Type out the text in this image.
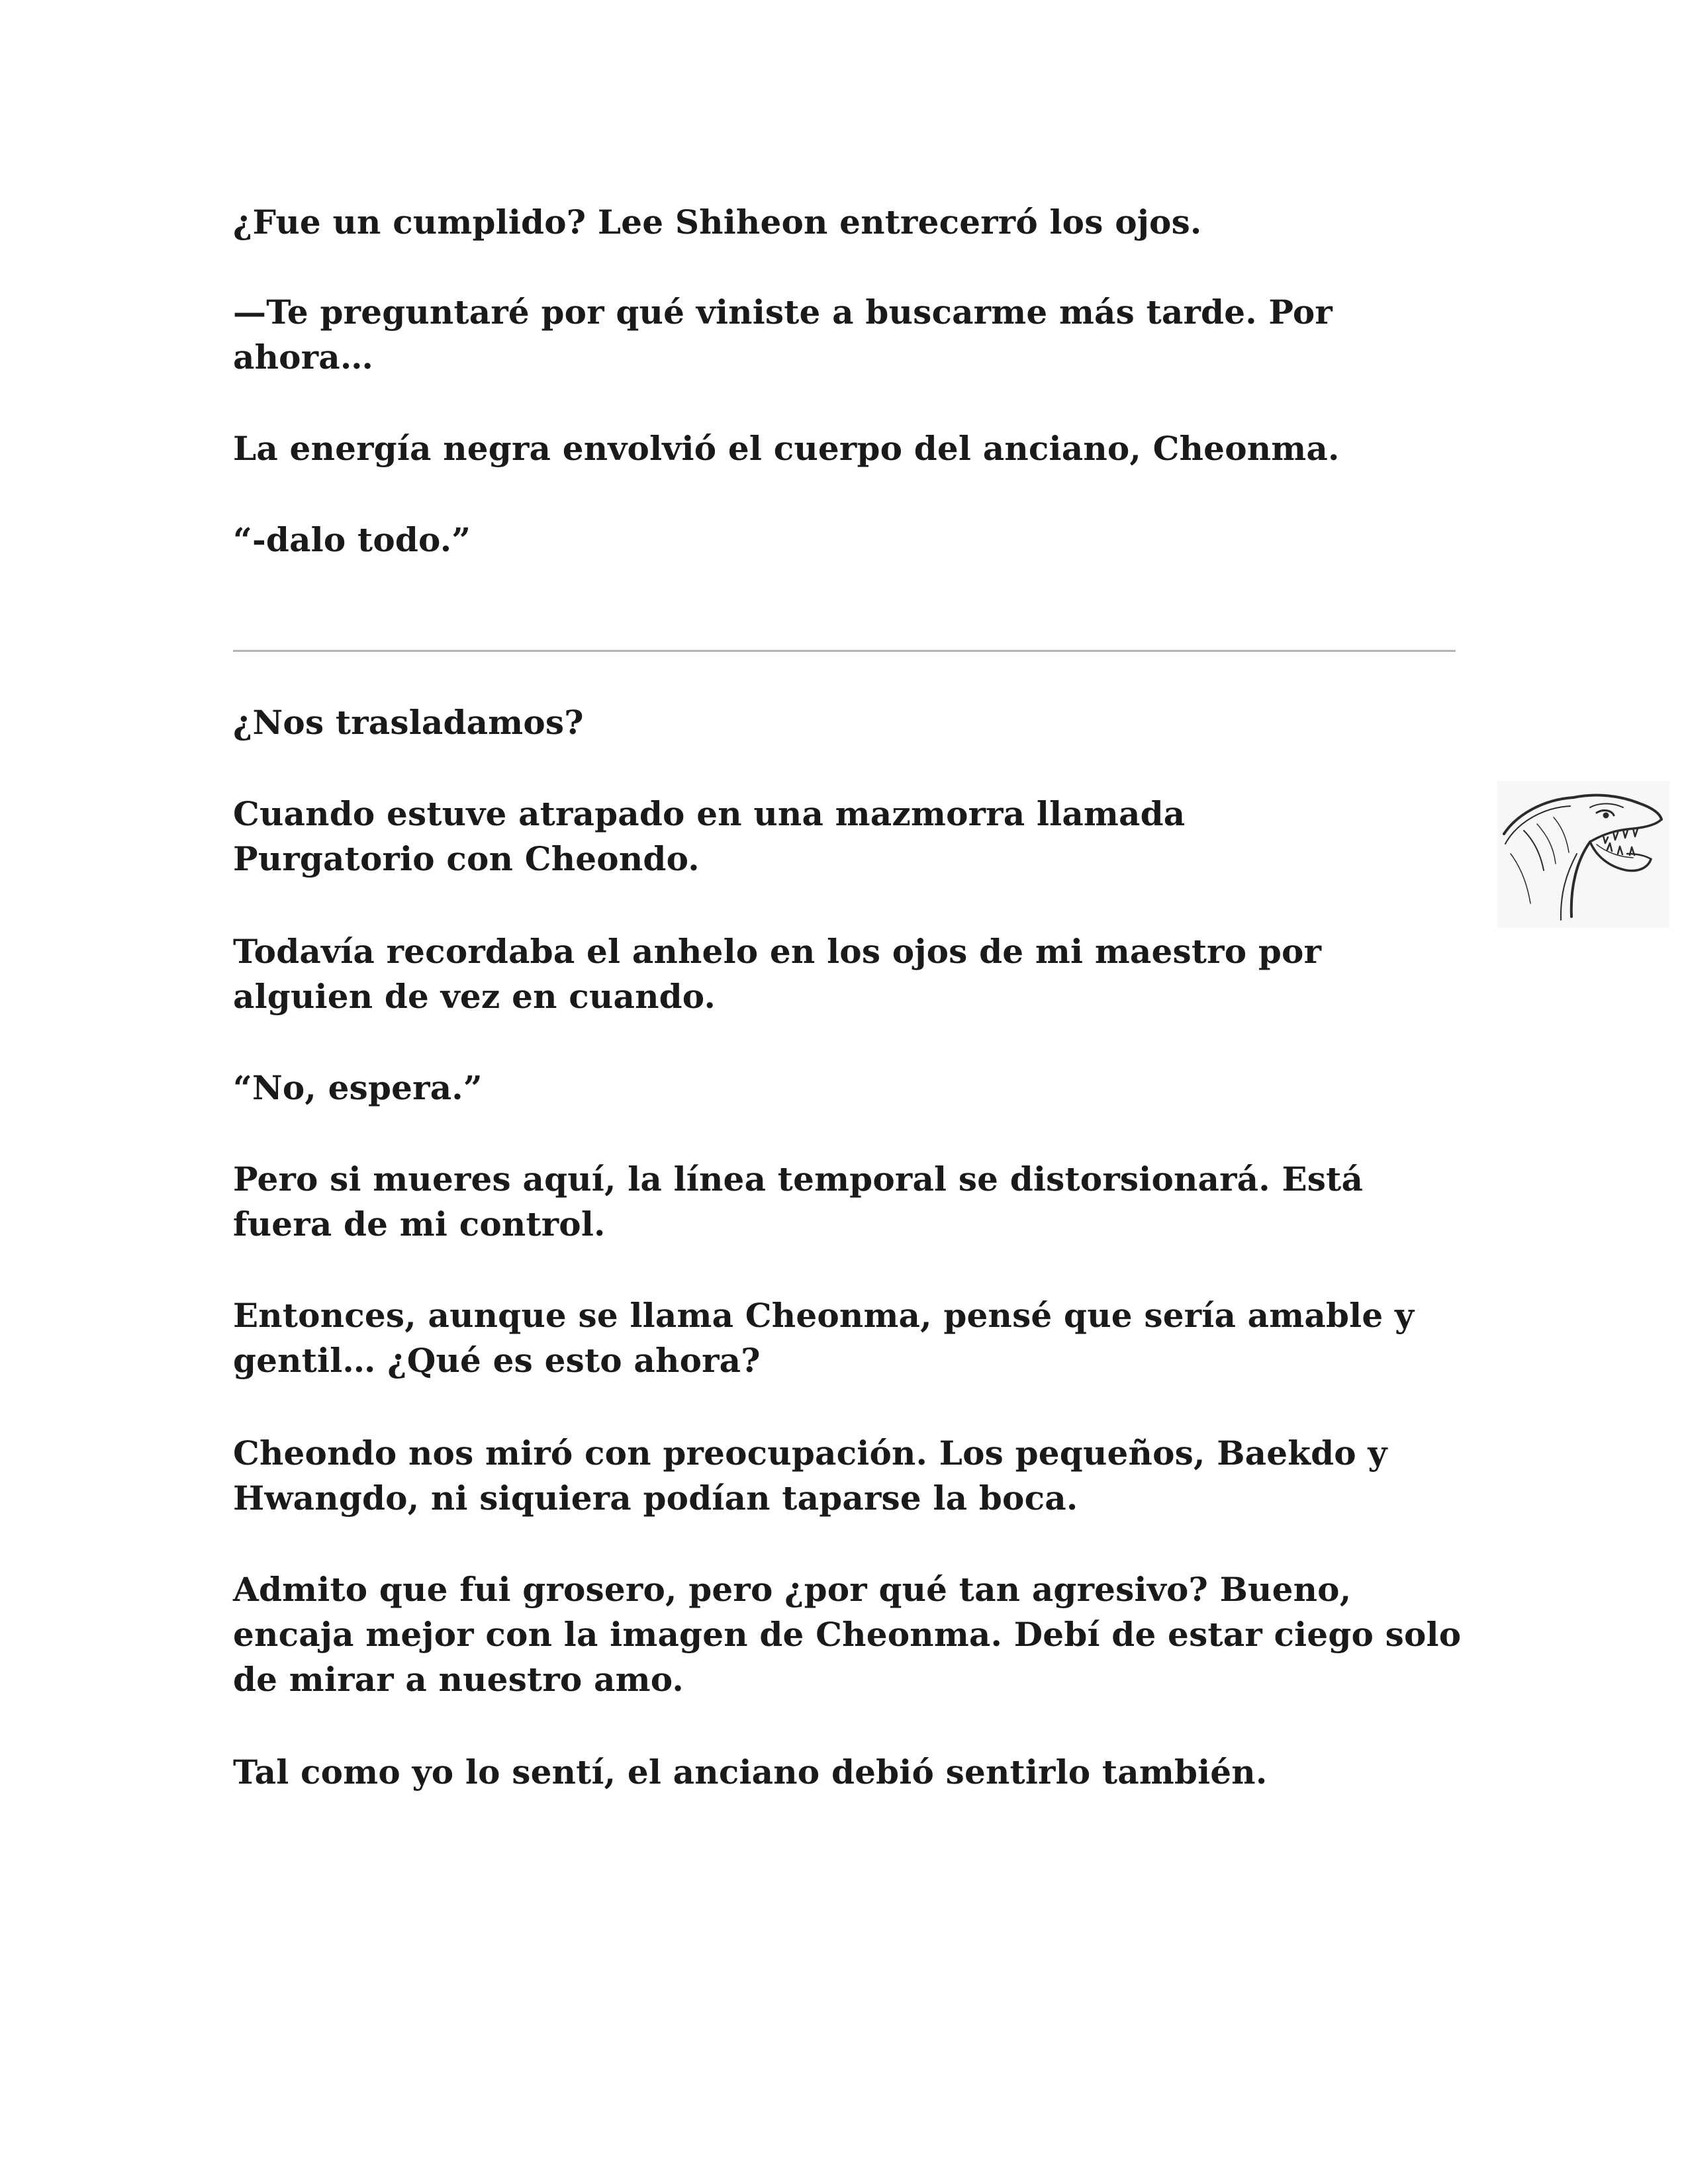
¿Fue un cumplido? Lee Shiheon entrecerró los ojos.

—Te preguntaré por qué viniste a buscarme más tarde. Por ahora…

La energía negra envolvió el cuerpo del anciano, Cheonma.

“-dalo todo.”

¿Nos trasladamos?

Cuando estuve atrapado en una mazmorra llamada Purgatorio con Cheondo.

Todavía recordaba el anhelo en los ojos de mi maestro por alguien de vez en cuando.

“No, espera.”

Pero si mueres aquí, la línea temporal se distorsionará. Está fuera de mi control.

Entonces, aunque se llama Cheonma, pensé que sería amable y gentil… ¿Qué es esto ahora?

Cheondo nos miró con preocupación. Los pequeños, Baekdo y Hwangdo, ni siquiera podían taparse la boca.

Admito que fui grosero, pero ¿por qué tan agresivo? Bueno, encaja mejor con la imagen de Cheonma. Debí de estar ciego solo de mirar a nuestro amo.

Tal como yo lo sentí, el anciano debió sentirlo también.
